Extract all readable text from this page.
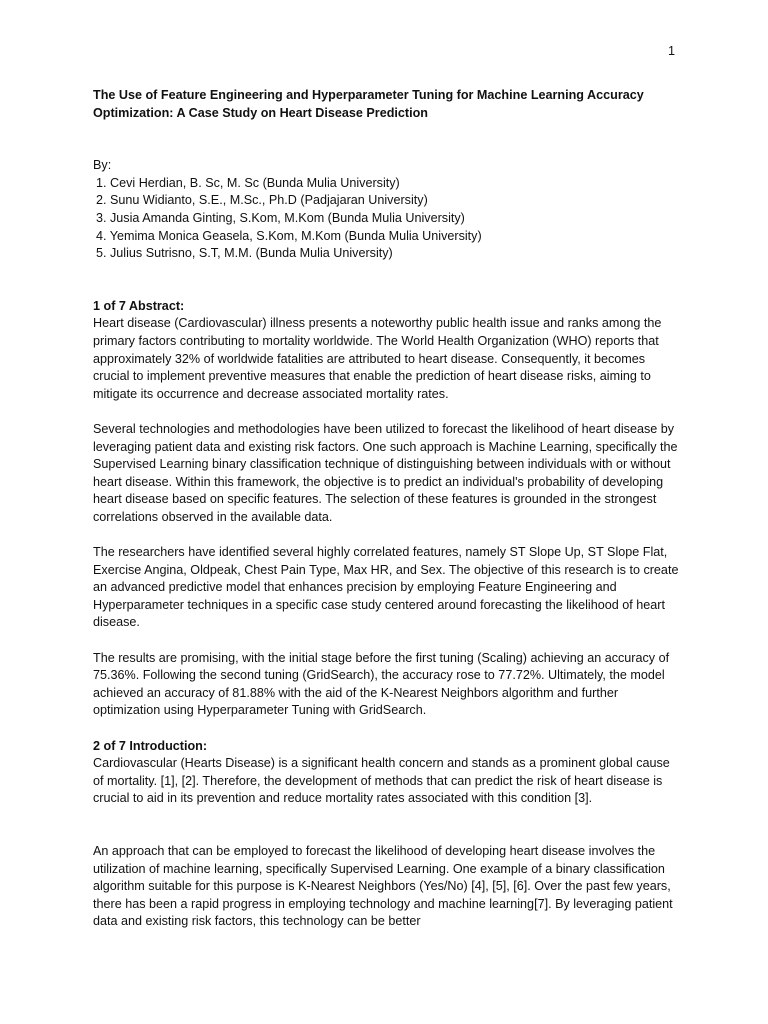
1

The Use of Feature Engineering and Hyperparameter Tuning for Machine Learning Accuracy Optimization: A Case Study on Heart Disease Prediction

By:
1. Cevi Herdian, B. Sc, M. Sc (Bunda Mulia University)
2. Sunu Widianto, S.E., M.Sc., Ph.D (Padjajaran University)
3. Jusia Amanda Ginting, S.Kom, M.Kom (Bunda Mulia University)
4. Yemima Monica Geasela, S.Kom, M.Kom (Bunda Mulia University)
5. Julius Sutrisno, S.T, M.M. (Bunda Mulia University)
1 of 7 Abstract:

Heart disease (Cardiovascular) illness presents a noteworthy public health issue and ranks among the primary factors contributing to mortality worldwide. The World Health Organization (WHO) reports that approximately 32% of worldwide fatalities are attributed to heart disease. Consequently, it becomes crucial to implement preventive measures that enable the prediction of heart disease risks, aiming to mitigate its occurrence and decrease associated mortality rates.

Several technologies and methodologies have been utilized to forecast the likelihood of heart disease by leveraging patient data and existing risk factors. One such approach is Machine Learning, specifically the Supervised Learning binary classification technique of distinguishing between individuals with or without heart disease. Within this framework, the objective is to predict an individual's probability of developing heart disease based on specific features. The selection of these features is grounded in the strongest correlations observed in the available data.

The researchers have identified several highly correlated features, namely ST Slope Up, ST Slope Flat, Exercise Angina, Oldpeak, Chest Pain Type, Max HR, and Sex. The objective of this research is to create an advanced predictive model that enhances precision by employing Feature Engineering and Hyperparameter techniques in a specific case study centered around forecasting the likelihood of heart disease.

The results are promising, with the initial stage before the first tuning (Scaling) achieving an accuracy of 75.36%. Following the second tuning (GridSearch), the accuracy rose to 77.72%. Ultimately, the model achieved an accuracy of 81.88% with the aid of the K-Nearest Neighbors algorithm and further optimization using Hyperparameter Tuning with GridSearch.

2 of 7 Introduction:

Cardiovascular (Hearts Disease) is a significant health concern and stands as a prominent global cause of mortality. [1], [2]. Therefore, the development of methods that can predict the risk of heart disease is crucial to aid in its prevention and reduce mortality rates associated with this condition [3].

An approach that can be employed to forecast the likelihood of developing heart disease involves the utilization of machine learning, specifically Supervised Learning. One example of a binary classification algorithm suitable for this purpose is K-Nearest Neighbors (Yes/No) [4], [5], [6]. Over the past few years, there has been a rapid progress in employing technology and machine learning[7]. By leveraging patient data and existing risk factors, this technology can be better
